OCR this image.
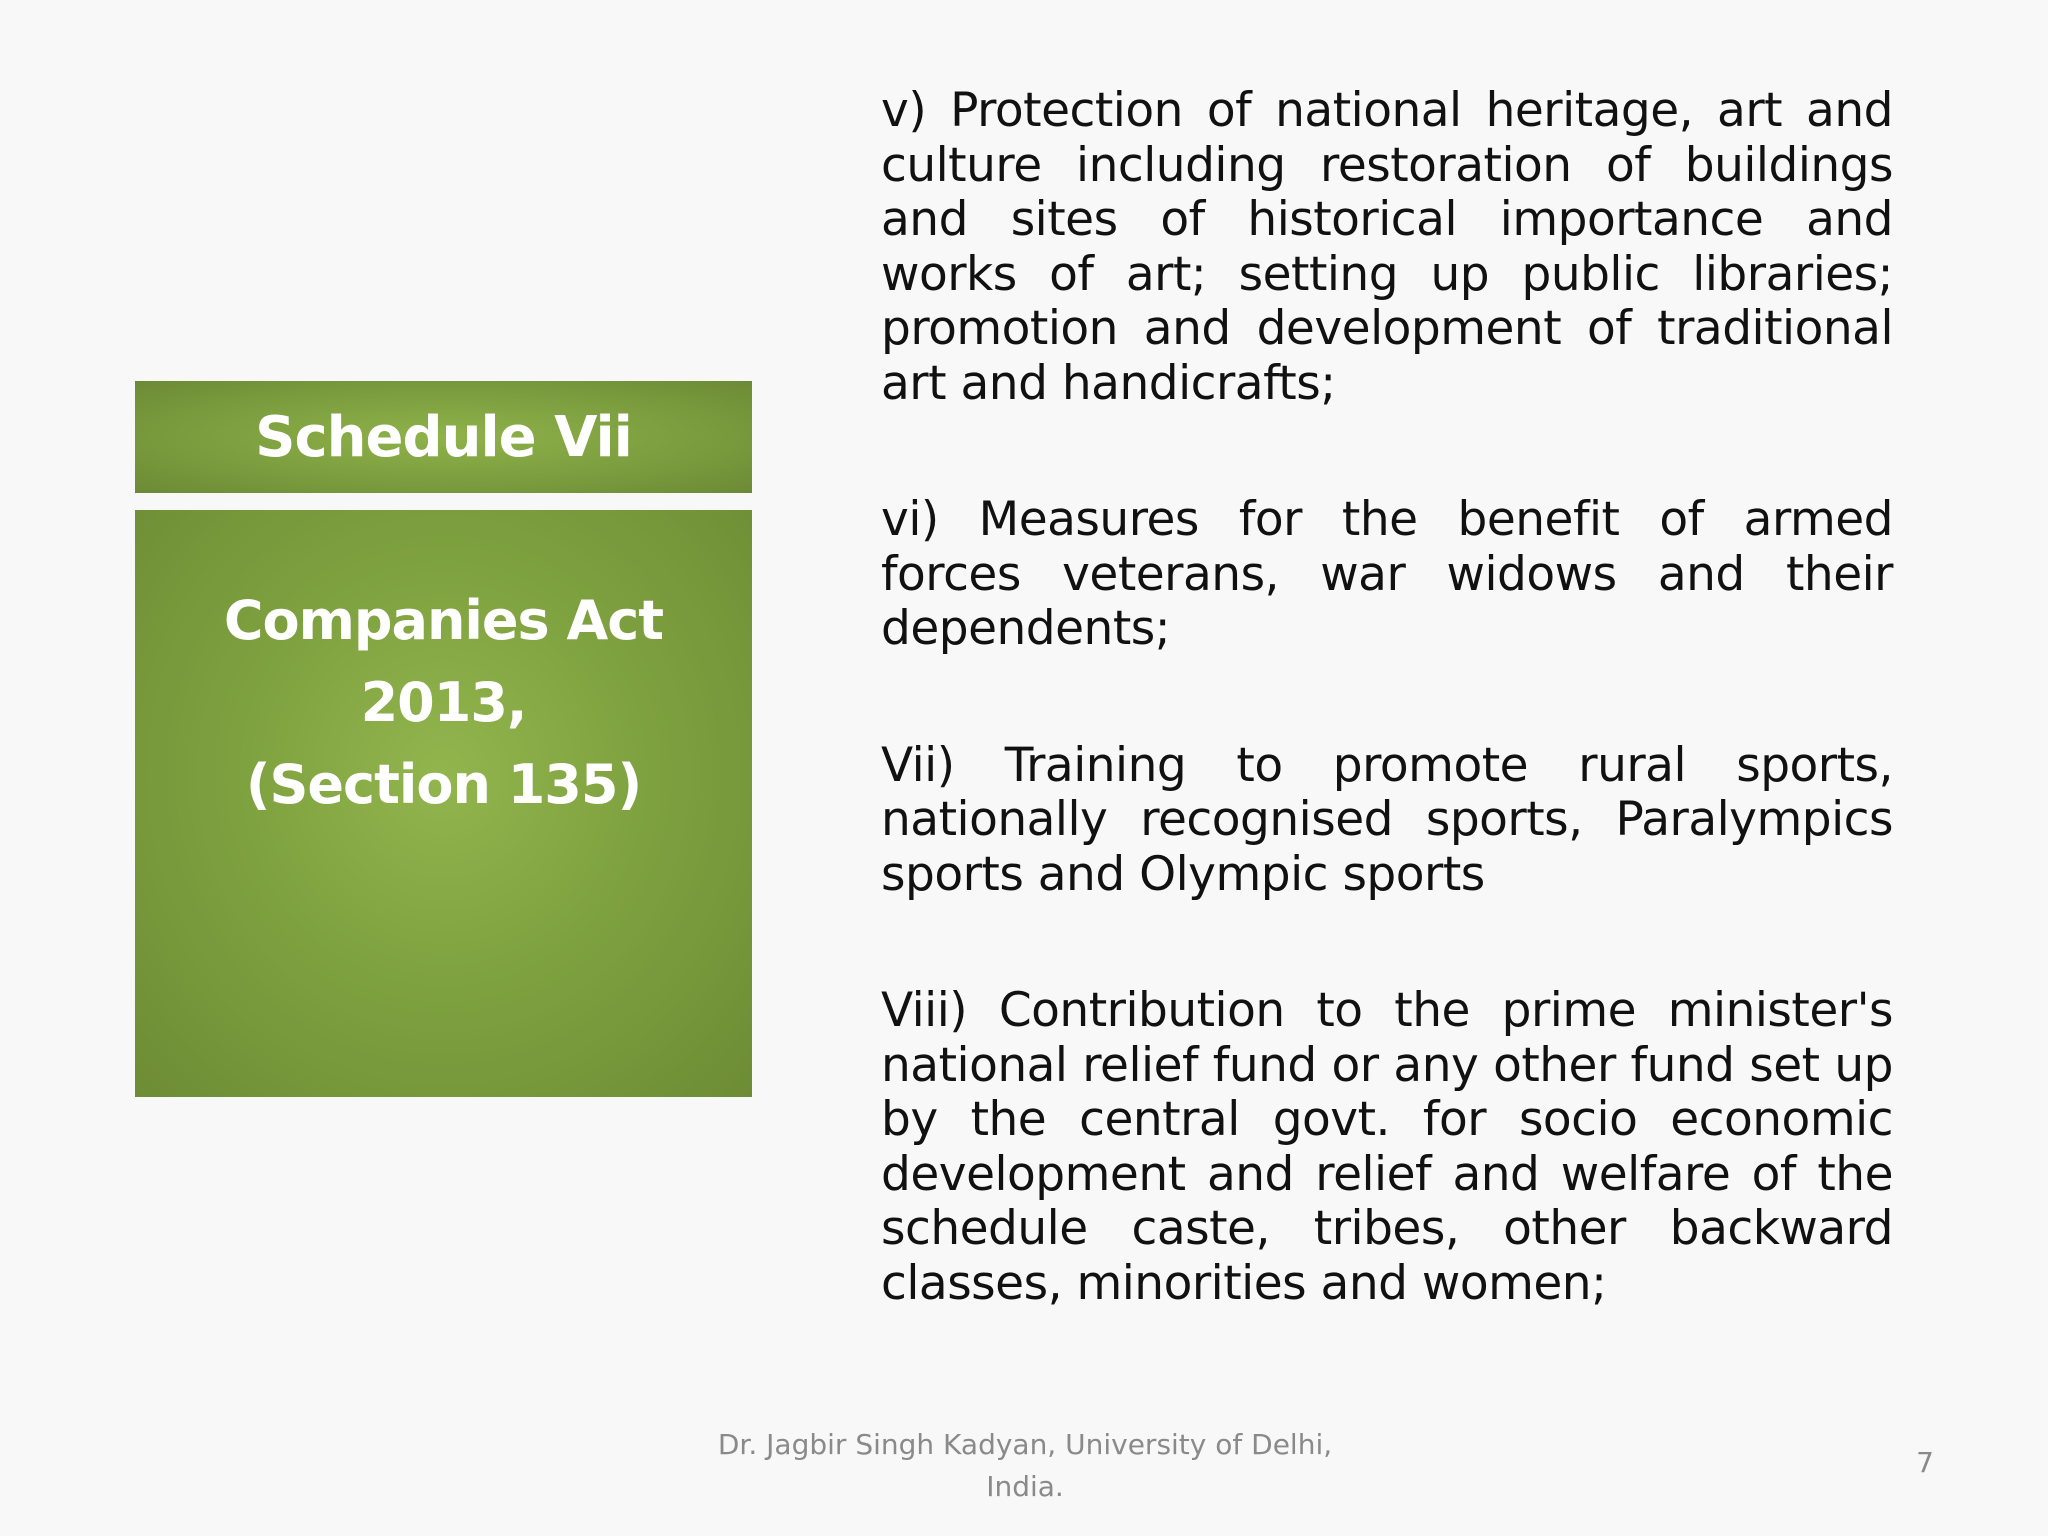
Schedule Vii
Companies Act
2013,
(Section 135)

v) Protection of national heritage, art and culture including restoration of buildings and sites of historical importance and works of art; setting up public libraries; promotion and development of traditional art and handicrafts;

vi) Measures for the benefit of armed forces veterans, war widows and their dependents;

Vii) Training to promote rural sports, nationally recognised sports, Paralympics sports and Olympic sports

Viii) Contribution to the prime minister's national relief fund or any other fund set up by the central govt. for socio economic development and relief and welfare of the schedule caste, tribes, other backward classes, minorities and women;

Dr. Jagbir Singh Kadyan, University of Delhi,
India.
7
